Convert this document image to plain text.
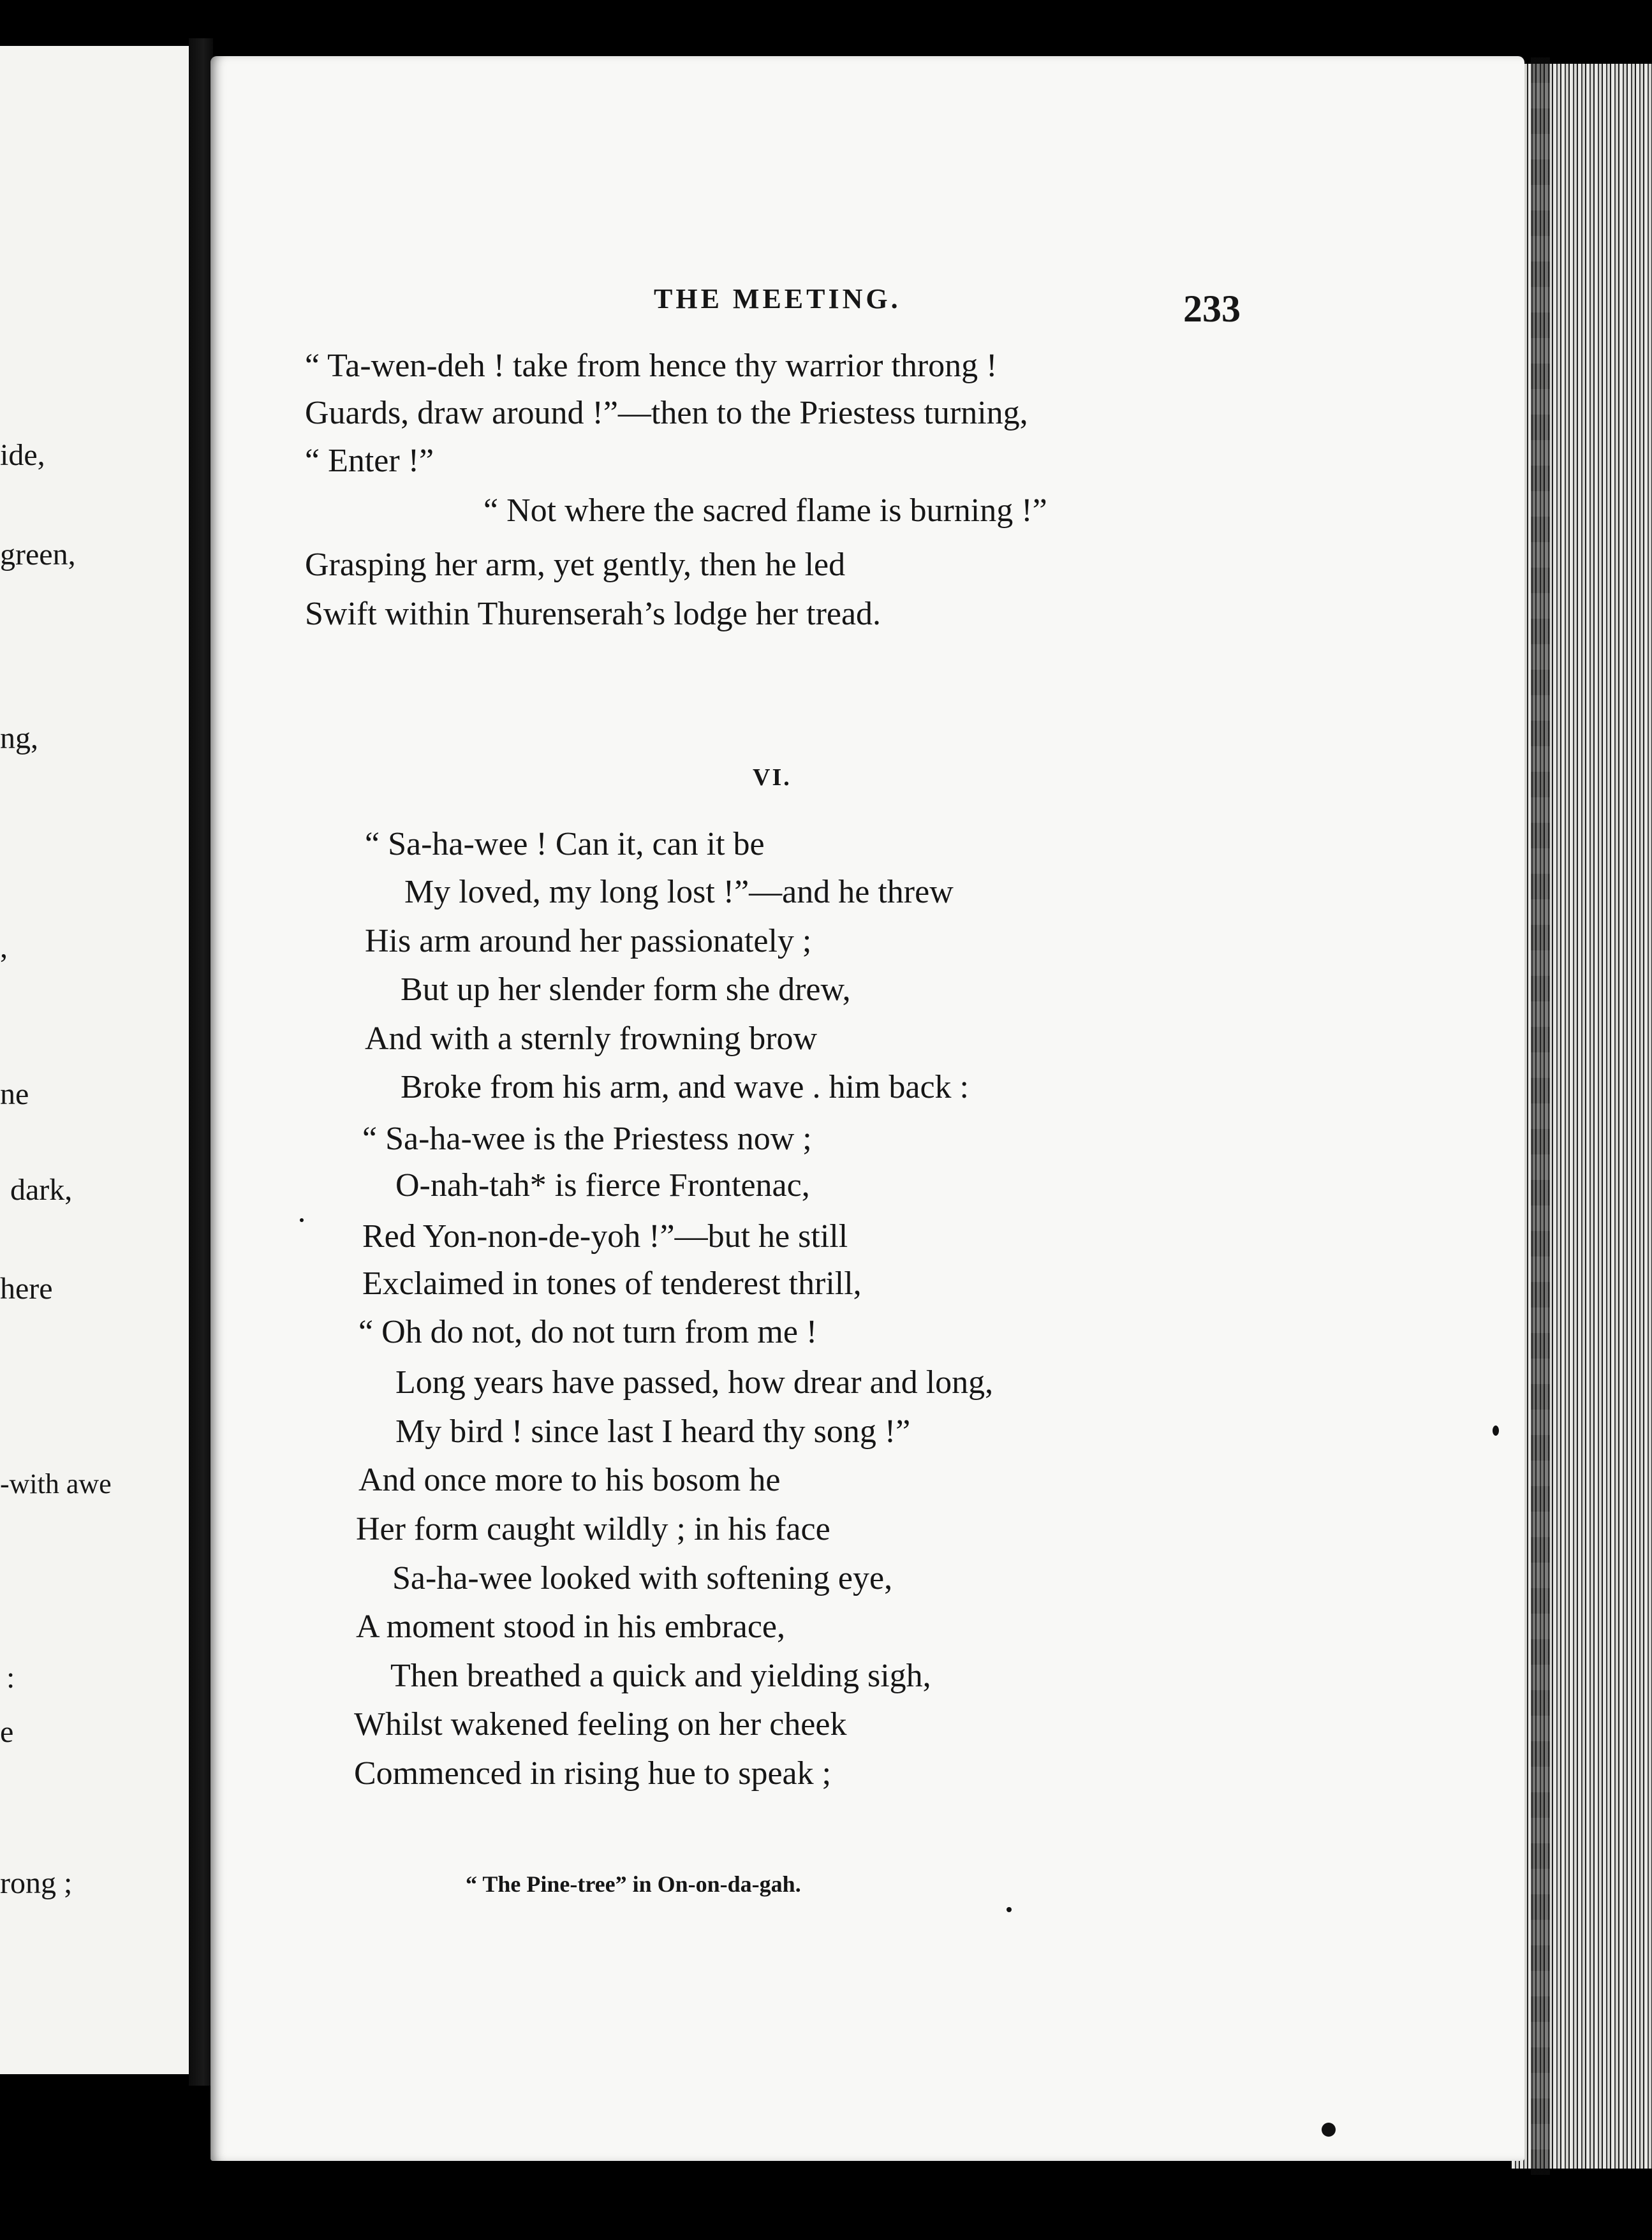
ide,
green,
ng,
,
ne
dark,
here
-with awe
:
e
rong ;
THE MEETING.	233
“ Ta-wen-deh ! take from hence thy warrior throng !
Guards, draw around !”—then to the Priestess turning,
“ Enter !”
“ Not where the sacred flame is burning !”
Grasping her arm, yet gently, then he led
Swift within Thurenserah’s lodge her tread.
VI.
“ Sa-ha-wee ! Can it, can it be
My loved, my long lost !”—and he threw
His arm around her passionately ;
But up her slender form she drew,
And with a sternly frowning brow
Broke from his arm, and wave . him back :
“ Sa-ha-wee is the Priestess now ;
O-nah-tah* is fierce Frontenac,
Red Yon-non-de-yoh !”—but he still
Exclaimed in tones of tenderest thrill,
“ Oh do not, do not turn from me !
Long years have passed, how drear and long,
My bird ! since last I heard thy song !”
And once more to his bosom he
Her form caught wildly ; in his face
Sa-ha-wee looked with softening eye,
A moment stood in his embrace,
Then breathed a quick and yielding sigh,
Whilst wakened feeling on her cheek
Commenced in rising hue to speak ;
“ The Pine-tree” in On-on-da-gah.
